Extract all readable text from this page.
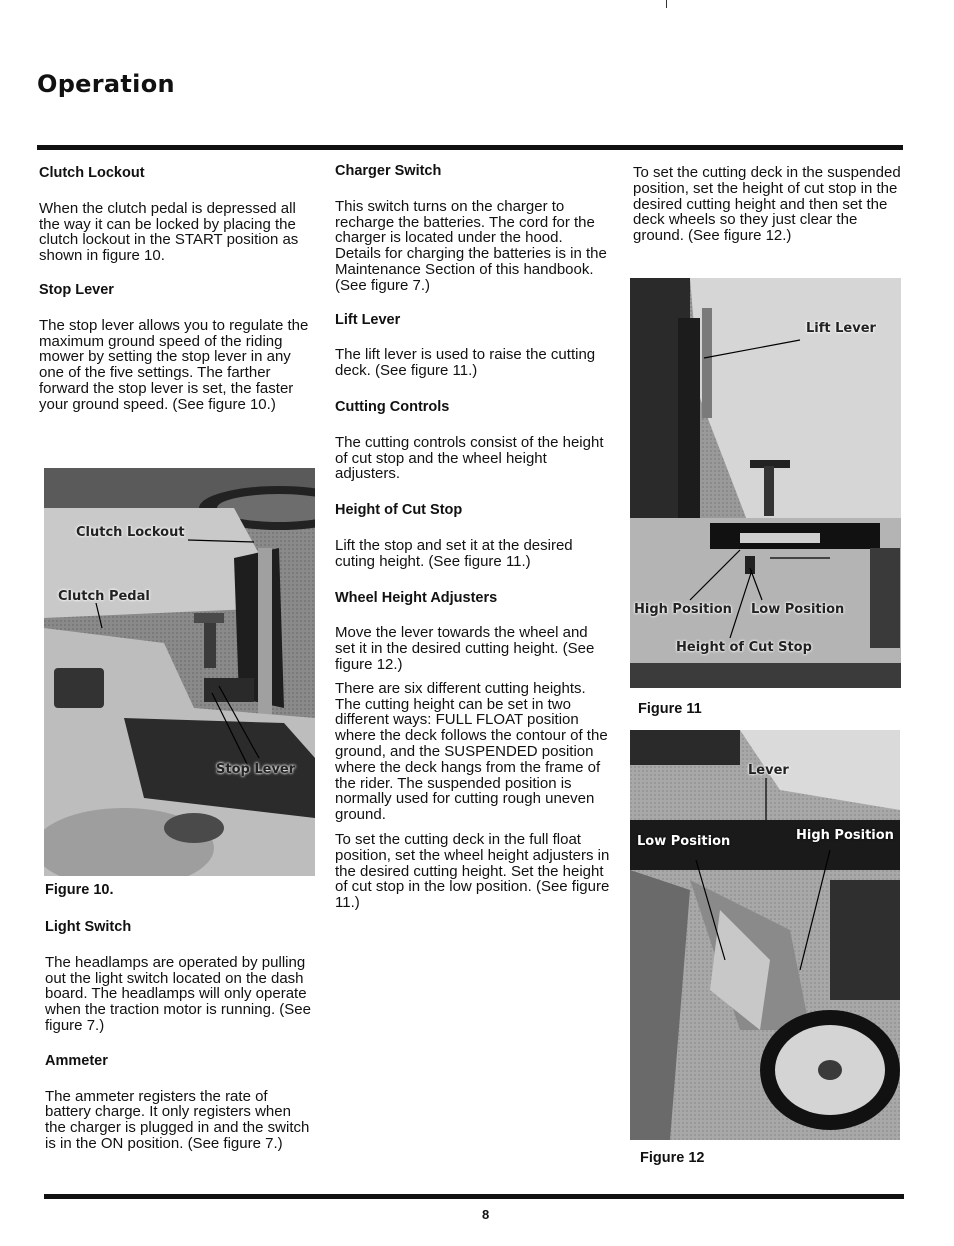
Operation
Clutch Lockout

When the clutch pedal is depressed all the way it can be locked by placing the clutch lockout in the START position as shown in figure 10.

Stop Lever

The stop lever allows you to regulate the maximum ground speed of the riding mower by setting the stop lever in any one of the five settings. The farther forward the stop lever is set, the faster your ground speed. (See figure 10.)

Clutch Lockout
Clutch Pedal
Stop Lever
Figure 10.
Light Switch

The headlamps are operated by pulling out the light switch located on the dash board. The headlamps will only operate when the traction motor is running. (See figure 7.)

Ammeter

The ammeter registers the rate of battery charge. It only registers when the charger is plugged in and the switch is in the ON position. (See figure 7.)

Charger Switch

This switch turns on the charger to recharge the batteries. The cord for the charger is located under the hood. Details for charging the batteries is in the Maintenance Section of this handbook. (See figure 7.)

Lift Lever

The lift lever is used to raise the cutting deck. (See figure 11.)

Cutting Controls

The cutting controls consist of the height of cut stop and the wheel height adjusters.

Height of Cut Stop

Lift the stop and set it at the desired cuting height. (See figure 11.)

Wheel Height Adjusters

Move the lever towards the wheel and set it in the desired cutting height. (See figure 12.)

There are six different cutting heights. The cutting height can be set in two different ways: FULL FLOAT position where the deck follows the contour of the ground, and the SUSPENDED position where the deck hangs from the frame of the rider. The suspended position is normally used for cutting rough uneven ground.

To set the cutting deck in the full float position, set the wheel height adjusters in the desired cutting height. Set the height of cut stop in the low position. (See figure 11.)

To set the cutting deck in the suspended position, set the height of cut stop in the desired cutting height and then set the deck wheels so they just clear the ground. (See figure 12.)

Lift Lever
High Position Low Position
Height of Cut Stop
Figure 11
Lever
Low Position	High Position
Figure 12
8
